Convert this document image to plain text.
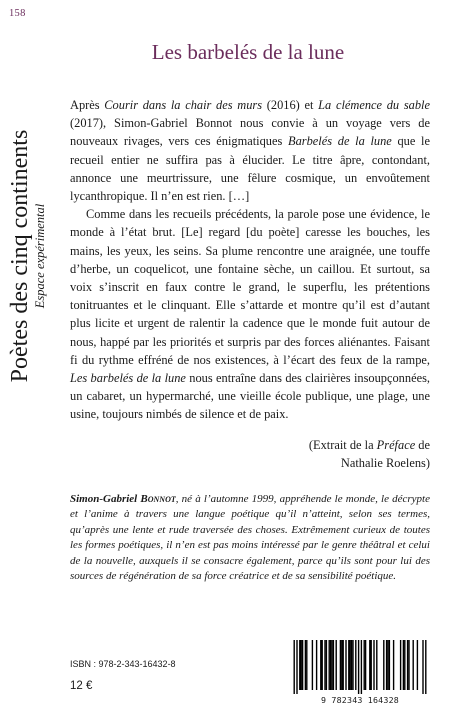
158
Poètes des cinq continents Espace expérimental
Les barbelés de la lune

Après Courir dans la chair des murs (2016) et La clémence du sable (2017), Simon-Gabriel Bonnot nous convie à un voyage vers de nouveaux rivages, vers ces énigmatiques Barbelés de la lune que le recueil entier ne suffira pas à élucider. Le titre âpre, contondant, annonce une meurtrissure, une fêlure cosmique, un envoûtement lycanthropique. Il n’en est rien. […]

Comme dans les recueils précédents, la parole pose une évidence, le monde à l’état brut. [Le] regard [du poète] caresse les bouches, les mains, les yeux, les seins. Sa plume rencontre une araignée, une touffe d’herbe, un coquelicot, une fontaine sèche, un caillou. Et surtout, sa voix s’inscrit en faux contre le grand, le superflu, les prétentions tonitruantes et le clinquant. Elle s’attarde et montre qu’il est d’autant plus licite et urgent de ralentir la cadence que le monde fuit autour de nous, happé par les priorités et surpris par des forces aliénantes. Faisant fi du rythme effréné de nos existences, à l’écart des feux de la rampe, Les barbelés de la lune nous entraîne dans des clairières insoupçonnées, un cabaret, un hypermarché, une vieille école publique, une plage, une usine, toujours nimbés de silence et de paix.

(Extrait de la Préface de
Nathalie Roelens)
Simon-Gabriel Bonnot, né à l’automne 1999, appréhende le monde, le décrypte et l’anime à travers une langue poétique qu’il n’atteint, selon ses termes, qu’après une lente et rude traversée des choses. Extrêmement curieux de toutes les formes poétiques, il n’en est pas moins intéressé par le genre théâtral et celui de la nouvelle, auxquels il se consacre également, parce qu’ils sont pour lui des sources de régénération de sa force créatrice et de sa sensibilité poétique.
ISBN : 978-2-343-16432-8
12 €
9 782343 164328
